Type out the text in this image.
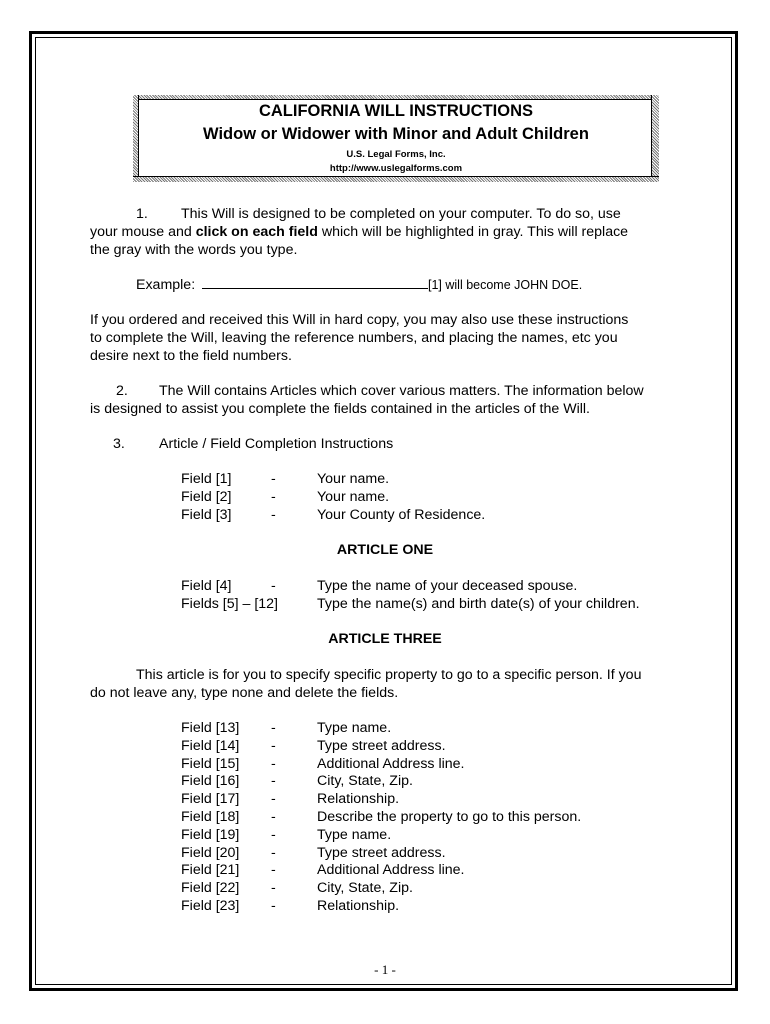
CALIFORNIA WILL INSTRUCTIONS
Widow or Widower with Minor and Adult Children
U.S. Legal Forms, Inc.
http://www.uslegalforms.com
1. This Will is designed to be completed on your computer. To do so, use
your mouse and click on each field which will be highlighted in gray. This will replace
the gray with the words you type.
Example:	[1] will become JOHN DOE.
If you ordered and received this Will in hard copy, you may also use these instructions
to complete the Will, leaving the reference numbers, and placing the names, etc you
desire next to the field numbers.
2. The Will contains Articles which cover various matters. The information below
is designed to assist you complete the fields contained in the articles of the Will.
3. Article / Field Completion Instructions
Field [1]	-	Your name.
Field [2]	-	Your name.
Field [3]	-	Your County of Residence.
ARTICLE ONE
Field [4]	-	Type the name of your deceased spouse.
Fields [5] – [12]	Type the name(s) and birth date(s) of your children.
ARTICLE THREE
This article is for you to specify specific property to go to a specific person. If you
do not leave any, type none and delete the fields.
Field [13] -	Type name.
Field [14] -	Type street address.
Field [15] -	Additional Address line.
Field [16] -	City, State, Zip.
Field [17] -	Relationship.
Field [18] -	Describe the property to go to this person.
Field [19] -	Type name.
Field [20] -	Type street address.
Field [21] -	Additional Address line.
Field [22] -	City, State, Zip.
Field [23] -	Relationship.
- 1 -
